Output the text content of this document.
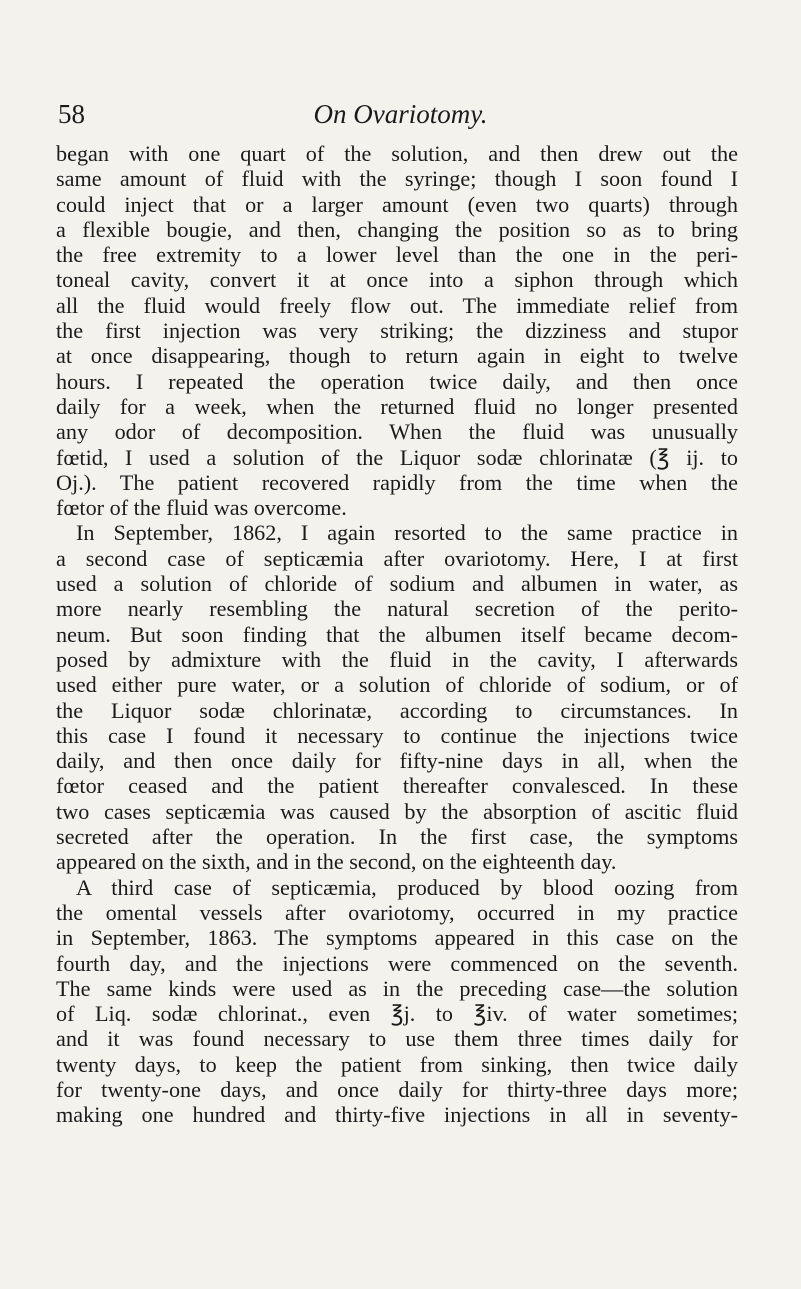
58	On Ovariotomy.
began with one quart of the solution, and then drew out the
same amount of fluid with the syringe; though I soon found I
could inject that or a larger amount (even two quarts) through
a flexible bougie, and then, changing the position so as to bring
the free extremity to a lower level than the one in the peri-
toneal cavity, convert it at once into a siphon through which
all the fluid would freely flow out. The immediate relief from
the first injection was very striking; the dizziness and stupor
at once disappearing, though to return again in eight to twelve
hours. I repeated the operation twice daily, and then once
daily for a week, when the returned fluid no longer presented
any odor of decomposition. When the fluid was unusually
fœtid, I used a solution of the Liquor sodæ chlorinatæ (℥ ij. to
Oj.). The patient recovered rapidly from the time when the
fœtor of the fluid was overcome.
In September, 1862, I again resorted to the same practice in
a second case of septicæmia after ovariotomy. Here, I at first
used a solution of chloride of sodium and albumen in water, as
more nearly resembling the natural secretion of the perito-
neum. But soon finding that the albumen itself became decom-
posed by admixture with the fluid in the cavity, I afterwards
used either pure water, or a solution of chloride of sodium, or of
the Liquor sodæ chlorinatæ, according to circumstances. In
this case I found it necessary to continue the injections twice
daily, and then once daily for fifty-nine days in all, when the
fœtor ceased and the patient thereafter convalesced. In these
two cases septicæmia was caused by the absorption of ascitic fluid
secreted after the operation. In the first case, the symptoms
appeared on the sixth, and in the second, on the eighteenth day.
A third case of septicæmia, produced by blood oozing from
the omental vessels after ovariotomy, occurred in my practice
in September, 1863. The symptoms appeared in this case on the
fourth day, and the injections were commenced on the seventh.
The same kinds were used as in the preceding case—the solution
of Liq. sodæ chlorinat., even ℥j. to ℥iv. of water sometimes;
and it was found necessary to use them three times daily for
twenty days, to keep the patient from sinking, then twice daily
for twenty-one days, and once daily for thirty-three days more;
making one hundred and thirty-five injections in all in seventy-
